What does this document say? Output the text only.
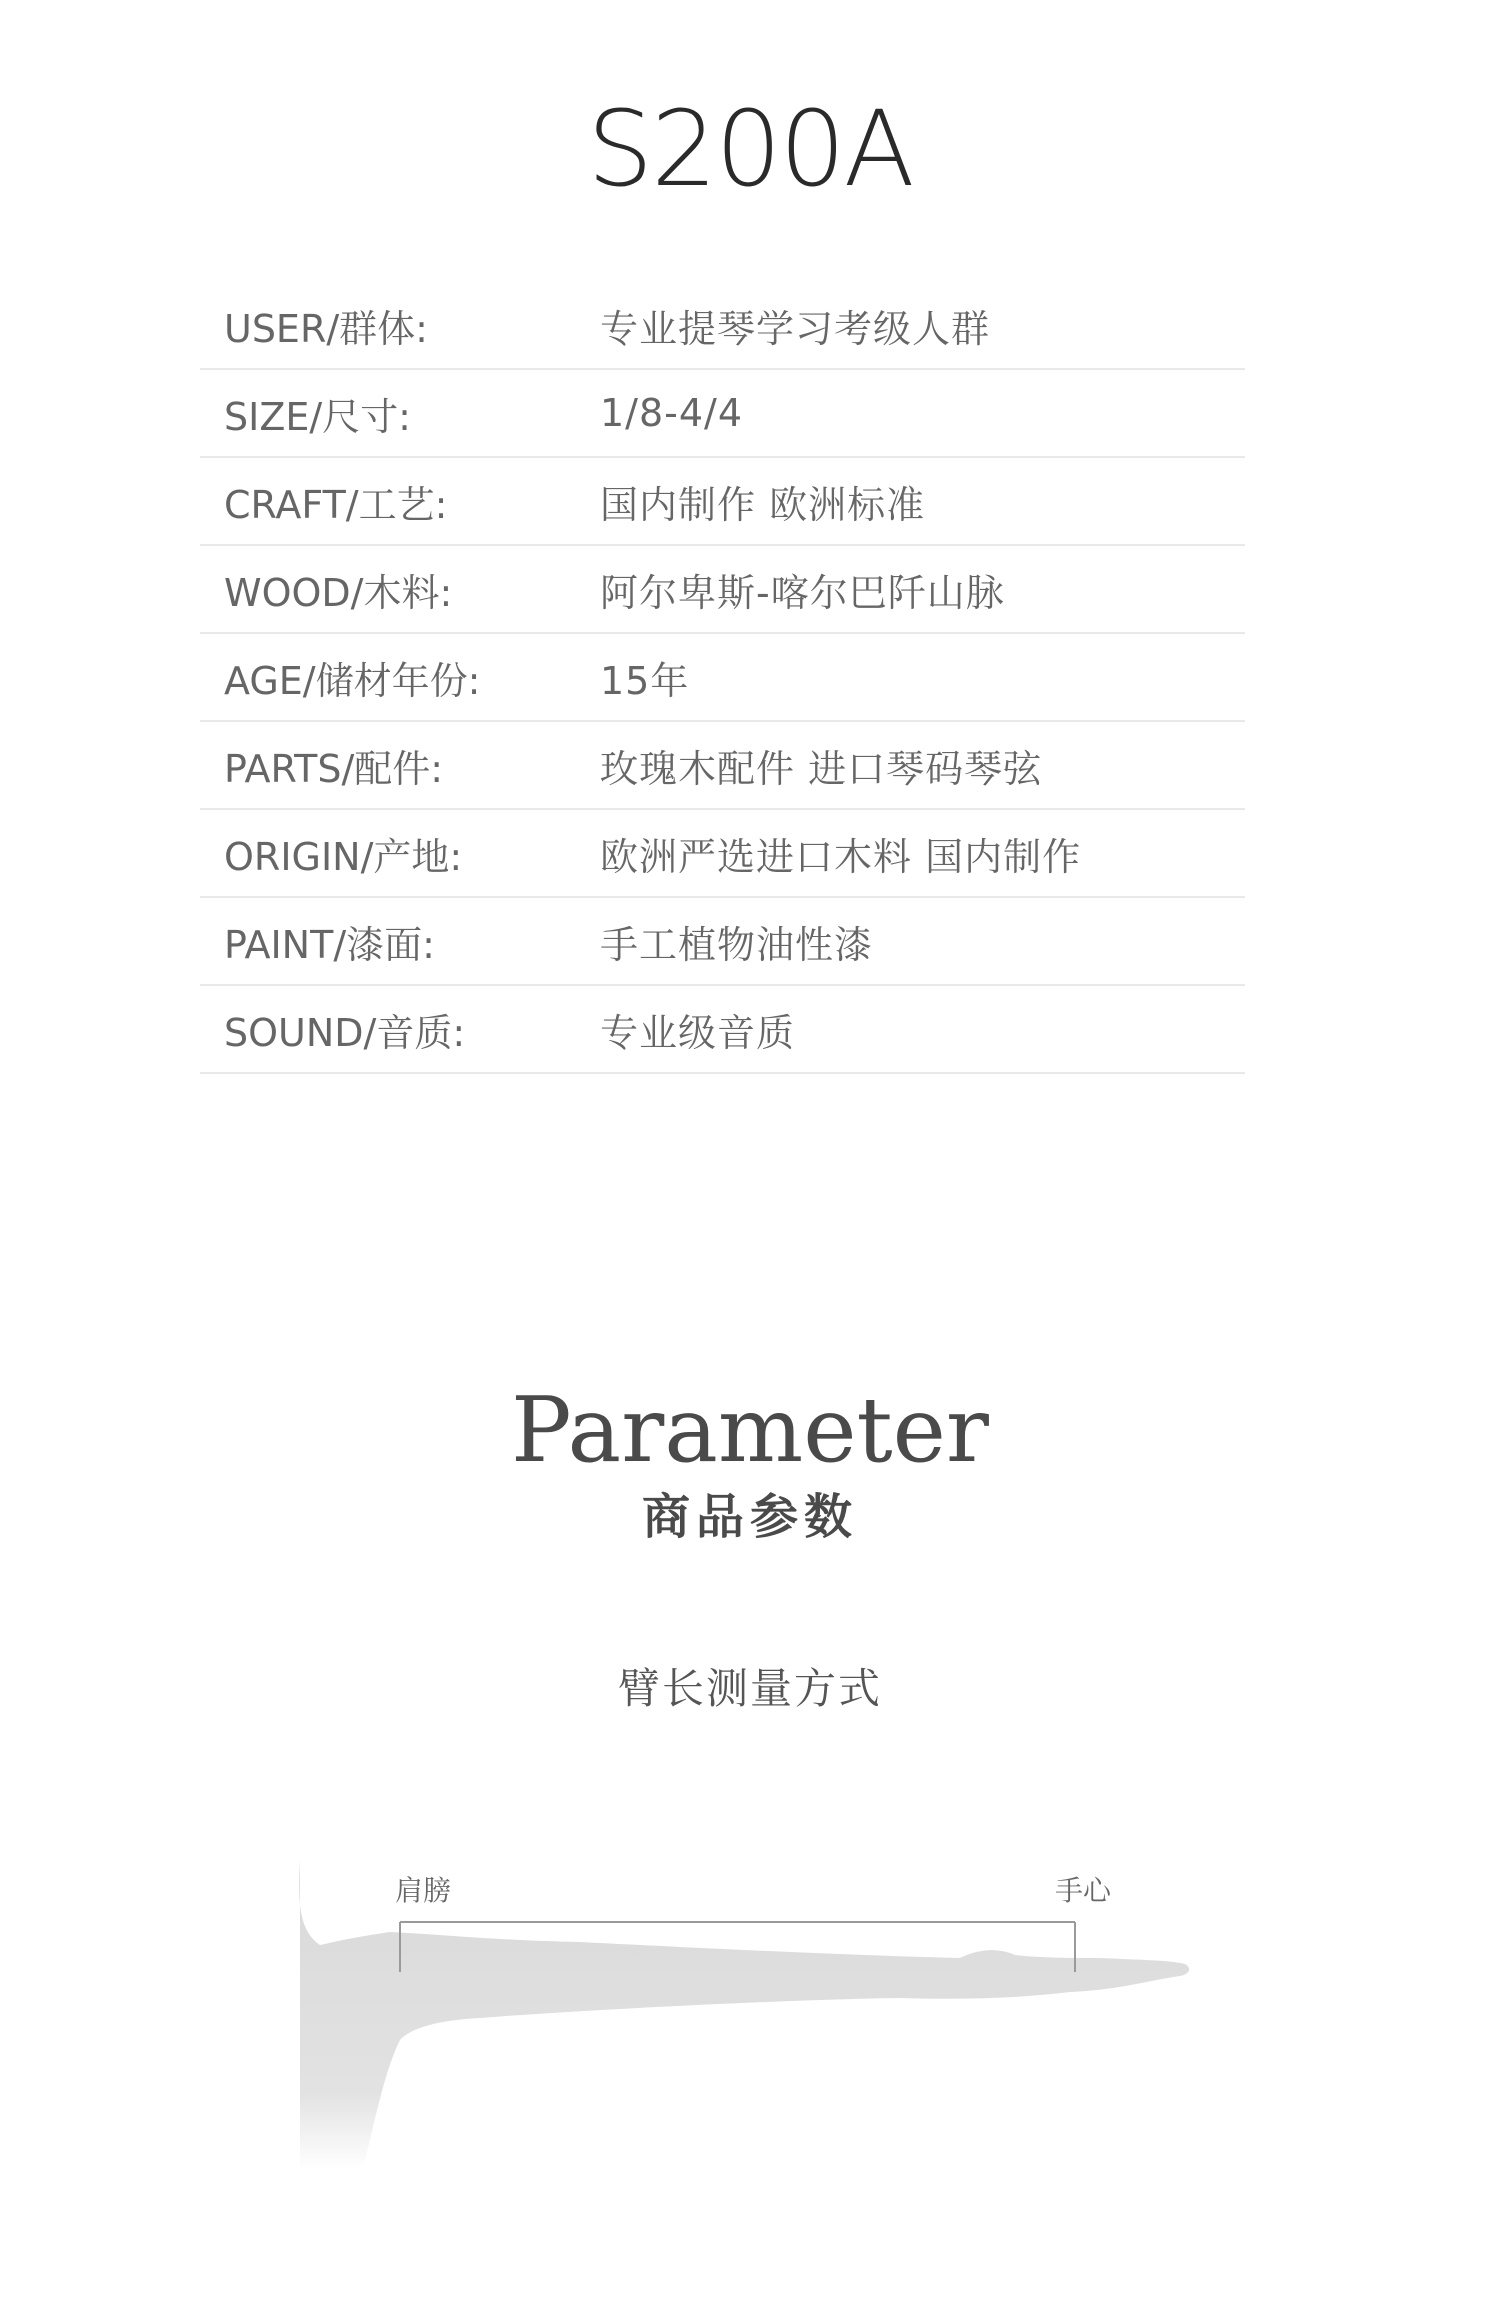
S200A
USER/群体:	专业提琴学习考级人群
SIZE/尺寸:	1/8-4/4
CRAFT/工艺:	国内制作 欧洲标准
WOOD/木料:	阿尔卑斯-喀尔巴阡山脉
AGE/储材年份:	15年
PARTS/配件:	玫瑰木配件 进口琴码琴弦
ORIGIN/产地:	欧洲严选进口木料 国内制作
PAINT/漆面:	手工植物油性漆
SOUND/音质:	专业级音质
Parameter
商品参数
臂长测量方式
肩膀	手心
